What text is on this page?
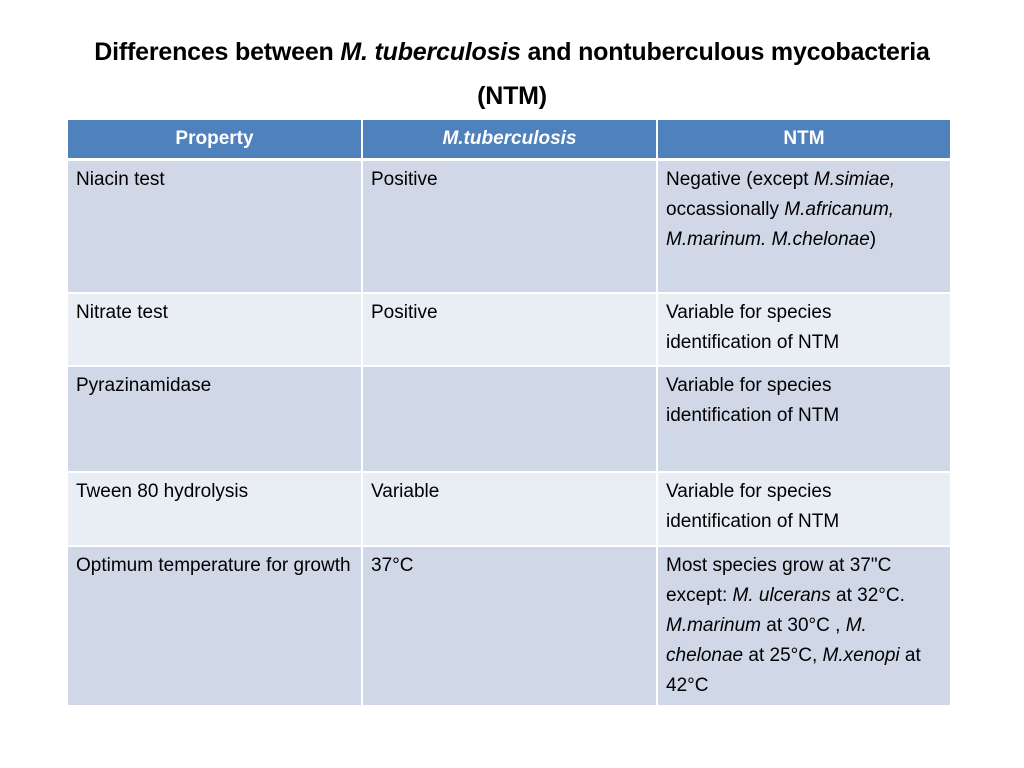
Differences between M. tuberculosis and nontuberculous mycobacteria (NTM)
Property	M.tuberculosis	NTM
Niacin test	Positive	Negative (except M.simiae, occassionally M.africanum, M.marinum. M.chelonae)
Nitrate test	Positive	Variable for species identification of NTM
Pyrazinamidase		Variable for species identification of NTM
Tween 80 hydrolysis	Variable	Variable for species identification of NTM
Optimum temperature for growth	37°C	Most species grow at 37"C except: M. ulcerans at 32°C. M.marinum at 30°C , M. chelonae at 25°C, M.xenopi at 42°C
